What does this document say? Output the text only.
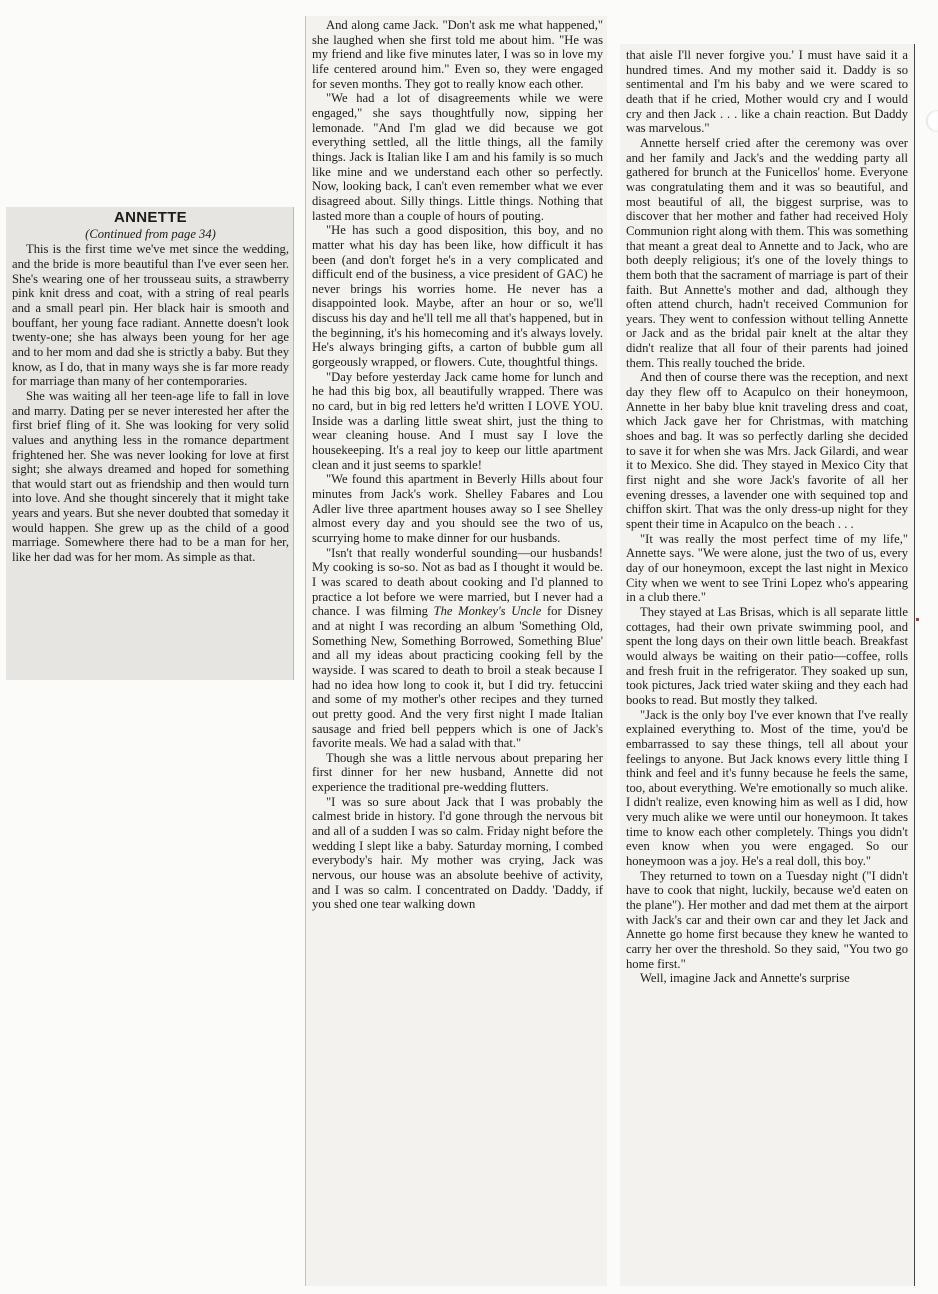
ANNETTE
(Continued from page 34)

This is the first time we've met since the wedding, and the bride is more beautiful than I've ever seen her. She's wearing one of her trousseau suits, a strawberry pink knit dress and coat, with a string of real pearls and a small pearl pin. Her black hair is smooth and bouffant, her young face radiant. Annette doesn't look twenty-one; she has always been young for her age and to her mom and dad she is strictly a baby. But they know, as I do, that in many ways she is far more ready for marriage than many of her contemporaries.

She was waiting all her teen-age life to fall in love and marry. Dating per se never interested her after the first brief fling of it. She was looking for very solid values and anything less in the romance department frightened her. She was never looking for love at first sight; she always dreamed and hoped for something that would start out as friendship and then would turn into love. And she thought sincerely that it might take years and years. But she never doubted that someday it would happen. She grew up as the child of a good marriage. Somewhere there had to be a man for her, like her dad was for her mom. As simple as that.

And along came Jack. "Don't ask me what happened," she laughed when she first told me about him. "He was my friend and like five minutes later, I was so in love my life centered around him." Even so, they were engaged for seven months. They got to really know each other.

"We had a lot of disagreements while we were engaged," she says thoughtfully now, sipping her lemonade. "And I'm glad we did because we got everything settled, all the little things, all the family things. Jack is Italian like I am and his family is so much like mine and we understand each other so perfectly. Now, looking back, I can't even remember what we ever disagreed about. Silly things. Little things. Nothing that lasted more than a couple of hours of pouting.

"He has such a good disposition, this boy, and no matter what his day has been like, how difficult it has been (and don't forget he's in a very complicated and difficult end of the business, a vice president of GAC) he never brings his worries home. He never has a disappointed look. Maybe, after an hour or so, we'll discuss his day and he'll tell me all that's happened, but in the beginning, it's his homecoming and it's always lovely. He's always bringing gifts, a carton of bubble gum all gorgeously wrapped, or flowers. Cute, thoughtful things.

"Day before yesterday Jack came home for lunch and he had this big box, all beautifully wrapped. There was no card, but in big red letters he'd written I LOVE YOU. Inside was a darling little sweat shirt, just the thing to wear cleaning house. And I must say I love the housekeeping. It's a real joy to keep our little apartment clean and it just seems to sparkle!

"We found this apartment in Beverly Hills about four minutes from Jack's work. Shelley Fabares and Lou Adler live three apartment houses away so I see Shelley almost every day and you should see the two of us, scurrying home to make dinner for our husbands.

"Isn't that really wonderful sounding—our husbands! My cooking is so-so. Not as bad as I thought it would be. I was scared to death about cooking and I'd planned to practice a lot before we were married, but I never had a chance. I was filming The Monkey's Uncle for Disney and at night I was recording an album 'Something Old, Something New, Something Borrowed, Something Blue' and all my ideas about practicing cooking fell by the wayside. I was scared to death to broil a steak because I had no idea how long to cook it, but I did try. fetuccini and some of my mother's other recipes and they turned out pretty good. And the very first night I made Italian sausage and fried bell peppers which is one of Jack's favorite meals. We had a salad with that."

Though she was a little nervous about preparing her first dinner for her new husband, Annette did not experience the traditional pre-wedding flutters.

"I was so sure about Jack that I was probably the calmest bride in history. I'd gone through the nervous bit and all of a sudden I was so calm. Friday night before the wedding I slept like a baby. Saturday morning, I combed everybody's hair. My mother was crying, Jack was nervous, our house was an absolute beehive of activity, and I was so calm. I concentrated on Daddy. 'Daddy, if you shed one tear walking down

that aisle I'll never forgive you.' I must have said it a hundred times. And my mother said it. Daddy is so sentimental and I'm his baby and we were scared to death that if he cried, Mother would cry and I would cry and then Jack . . . like a chain reaction. But Daddy was marvelous."

Annette herself cried after the ceremony was over and her family and Jack's and the wedding party all gathered for brunch at the Funicellos' home. Everyone was congratulating them and it was so beautiful, and most beautiful of all, the biggest surprise, was to discover that her mother and father had received Holy Communion right along with them. This was something that meant a great deal to Annette and to Jack, who are both deeply religious; it's one of the lovely things to them both that the sacrament of marriage is part of their faith. But Annette's mother and dad, although they often attend church, hadn't received Communion for years. They went to confession without telling Annette or Jack and as the bridal pair knelt at the altar they didn't realize that all four of their parents had joined them. This really touched the bride.

And then of course there was the reception, and next day they flew off to Acapulco on their honeymoon, Annette in her baby blue knit traveling dress and coat, which Jack gave her for Christmas, with matching shoes and bag. It was so perfectly darling she decided to save it for when she was Mrs. Jack Gilardi, and wear it to Mexico. She did. They stayed in Mexico City that first night and she wore Jack's favorite of all her evening dresses, a lavender one with sequined top and chiffon skirt. That was the only dress-up night for they spent their time in Acapulco on the beach . . .

"It was really the most perfect time of my life," Annette says. "We were alone, just the two of us, every day of our honeymoon, except the last night in Mexico City when we went to see Trini Lopez who's appearing in a club there."

They stayed at Las Brisas, which is all separate little cottages, had their own private swimming pool, and spent the long days on their own little beach. Breakfast would always be waiting on their patio—coffee, rolls and fresh fruit in the refrigerator. They soaked up sun, took pictures, Jack tried water skiing and they each had books to read. But mostly they talked.

"Jack is the only boy I've ever known that I've really explained everything to. Most of the time, you'd be embarrassed to say these things, tell all about your feelings to anyone. But Jack knows every little thing I think and feel and it's funny because he feels the same, too, about everything. We're emotionally so much alike. I didn't realize, even knowing him as well as I did, how very much alike we were until our honeymoon. It takes time to know each other completely. Things you didn't even know when you were engaged. So our honeymoon was a joy. He's a real doll, this boy."

They returned to town on a Tuesday night ("I didn't have to cook that night, luckily, because we'd eaten on the plane"). Her mother and dad met them at the airport with Jack's car and their own car and they let Jack and Annette go home first because they knew he wanted to carry her over the threshold. So they said, "You two go home first."

Well, imagine Jack and Annette's surprise
